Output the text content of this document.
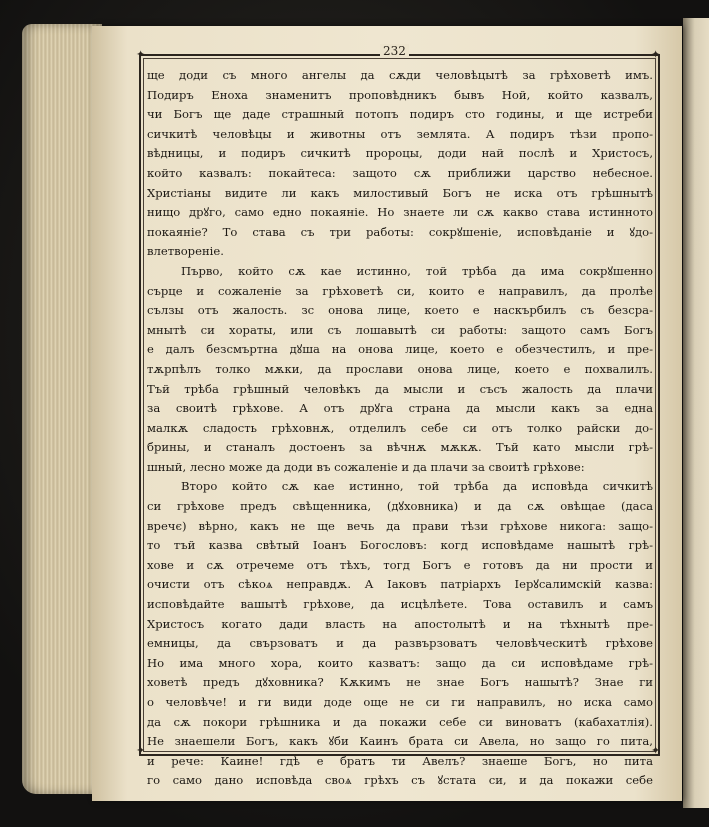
✦	✦
✦	✦
232
ще доди съ много ангелы да сѫди человѣцытѣ за грѣховетѣ имъ.
Подиръ Еноха знаменитъ проповѣдникъ бывъ Ной, който казвалъ,
чи Богъ ще даде страшный потопъ подиръ сто годины, и ще истреби
сичкитѣ человѣцы и животны отъ землята. А подиръ тѣзи пропо-
вѣдницы, и подиръ сичкитѣ пророцы, доди най послѣ и Христосъ,
който казвалъ: покайтеса: защото сѫ приближи царство небесное.
Христіаны видите ли какъ милостивый Богъ не иска отъ грѣшнытѣ
нищо дрꙋго, само едно покаяніе. Но знаете ли сѫ какво става истинното
покаяніе? То става съ три работы: сокрꙋшеніе, исповѣданіе и ꙋдо-
влетвореніе.
Първо, който сѫ кае истинно, той трѣба да има сокрꙋшенно
сърце и сожаленіе за грѣховетѣ си, които е направилъ, да пролѣе
сълзы отъ жалость. зс онова лице, което е наскърбилъ съ безсра-
мнытѣ си хораты, или съ лошавытѣ си работы: защото самъ Богъ
е далъ безсмъртна дꙋша на онова лице, което е обезчестилъ, и пре-
тѫрпѣлъ толко мѫки, да прослави онова лице, което е похвалилъ.
Тъй трѣба грѣшный человѣкъ да мысли и съсъ жалость да плачи
за своитѣ грѣхове. А отъ дрꙋга страна да мысли какъ за една
малкѫ сладость грѣховнѫ, отделилъ себе си отъ толко райски до-
брины, и станалъ достоенъ за вѣчнѫ мѫкѫ. Тъй като мысли грѣ-
шный, лесно може да доди въ сожаленіе и да плачи за своитѣ грѣхове:
Второ който сѫ кае истинно, той трѣба да исповѣда сичкитѣ
си грѣхове предъ свѣщенника, (дꙋховника) и да сѫ овѣщае (даса
вречє) вѣрно, какъ не ще вечь да прави тѣзи грѣхове никога: защо-
то тъй казва свѣтый Іоанъ Богословъ: когд исповѣдаме нашытѣ грѣ-
хове и сѫ отречеме отъ тѣхъ, тогд Богъ е готовъ да ни прости и
очисти отъ сѣкоѧ неправдѫ. А Іаковъ патріархъ Іерꙋсалимскій казва:
исповѣдайте вашытѣ грѣхове, да исцѣлѣете. Това оставилъ и самъ
Христосъ когато дади власть на апостолытѣ и на тѣхнытѣ пре-
емницы, да свързоватъ и да развързоватъ человѣческитѣ грѣхове
Но има много хора, които казватъ: защо да си исповѣдаме грѣ-
ховетѣ предъ дꙋховника? Кѫкимъ не знае Богъ нашытѣ? Знае ги
о человѣче! и ги види доде още не си ги направилъ, но иска само
да сѫ покори грѣшника и да покажи себе си виноватъ (кабахатлія).
Не знаешели Богъ, какъ ꙋби Каинъ брата си Авела, но защо го пита,
и рече: Каине! гдѣ е братъ ти Авелъ? знаеше Богъ, но пита
го само дано исповѣда своѧ грѣхъ съ ꙋстата си, и да покажи себе
